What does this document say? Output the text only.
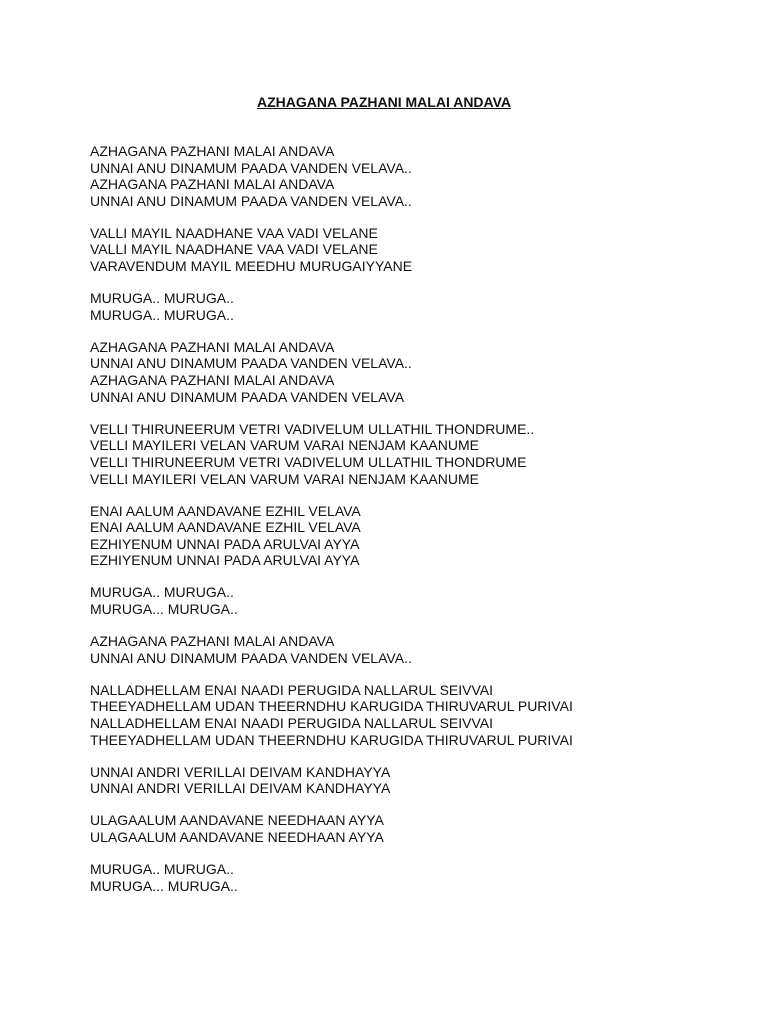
AZHAGANA PAZHANI MALAI ANDAVA
AZHAGANA PAZHANI MALAI ANDAVA
UNNAI ANU DINAMUM PAADA VANDEN VELAVA..
AZHAGANA PAZHANI MALAI ANDAVA
UNNAI ANU DINAMUM PAADA VANDEN VELAVA..
VALLI MAYIL NAADHANE VAA VADI VELANE
VALLI MAYIL NAADHANE VAA VADI VELANE
VARAVENDUM MAYIL MEEDHU MURUGAIYYANE
MURUGA.. MURUGA..
MURUGA.. MURUGA..
AZHAGANA PAZHANI MALAI ANDAVA
UNNAI ANU DINAMUM PAADA VANDEN VELAVA..
AZHAGANA PAZHANI MALAI ANDAVA
UNNAI ANU DINAMUM PAADA VANDEN VELAVA
VELLI THIRUNEERUM VETRI VADIVELUM ULLATHIL THONDRUME..
VELLI MAYILERI VELAN VARUM VARAI NENJAM KAANUME
VELLI THIRUNEERUM VETRI VADIVELUM ULLATHIL THONDRUME
VELLI MAYILERI VELAN VARUM VARAI NENJAM KAANUME
ENAI AALUM AANDAVANE EZHIL VELAVA
ENAI AALUM AANDAVANE EZHIL VELAVA
EZHIYENUM UNNAI PADA ARULVAI AYYA
EZHIYENUM UNNAI PADA ARULVAI AYYA
MURUGA.. MURUGA..
MURUGA... MURUGA..
AZHAGANA PAZHANI MALAI ANDAVA
UNNAI ANU DINAMUM PAADA VANDEN VELAVA..
NALLADHELLAM ENAI NAADI PERUGIDA NALLARUL SEIVVAI
THEEYADHELLAM UDAN THEERNDHU KARUGIDA THIRUVARUL PURIVAI
NALLADHELLAM ENAI NAADI PERUGIDA NALLARUL SEIVVAI
THEEYADHELLAM UDAN THEERNDHU KARUGIDA THIRUVARUL PURIVAI
UNNAI ANDRI VERILLAI DEIVAM KANDHAYYA
UNNAI ANDRI VERILLAI DEIVAM KANDHAYYA
ULAGAALUM AANDAVANE NEEDHAAN AYYA
ULAGAALUM AANDAVANE NEEDHAAN AYYA
MURUGA.. MURUGA..
MURUGA... MURUGA..
